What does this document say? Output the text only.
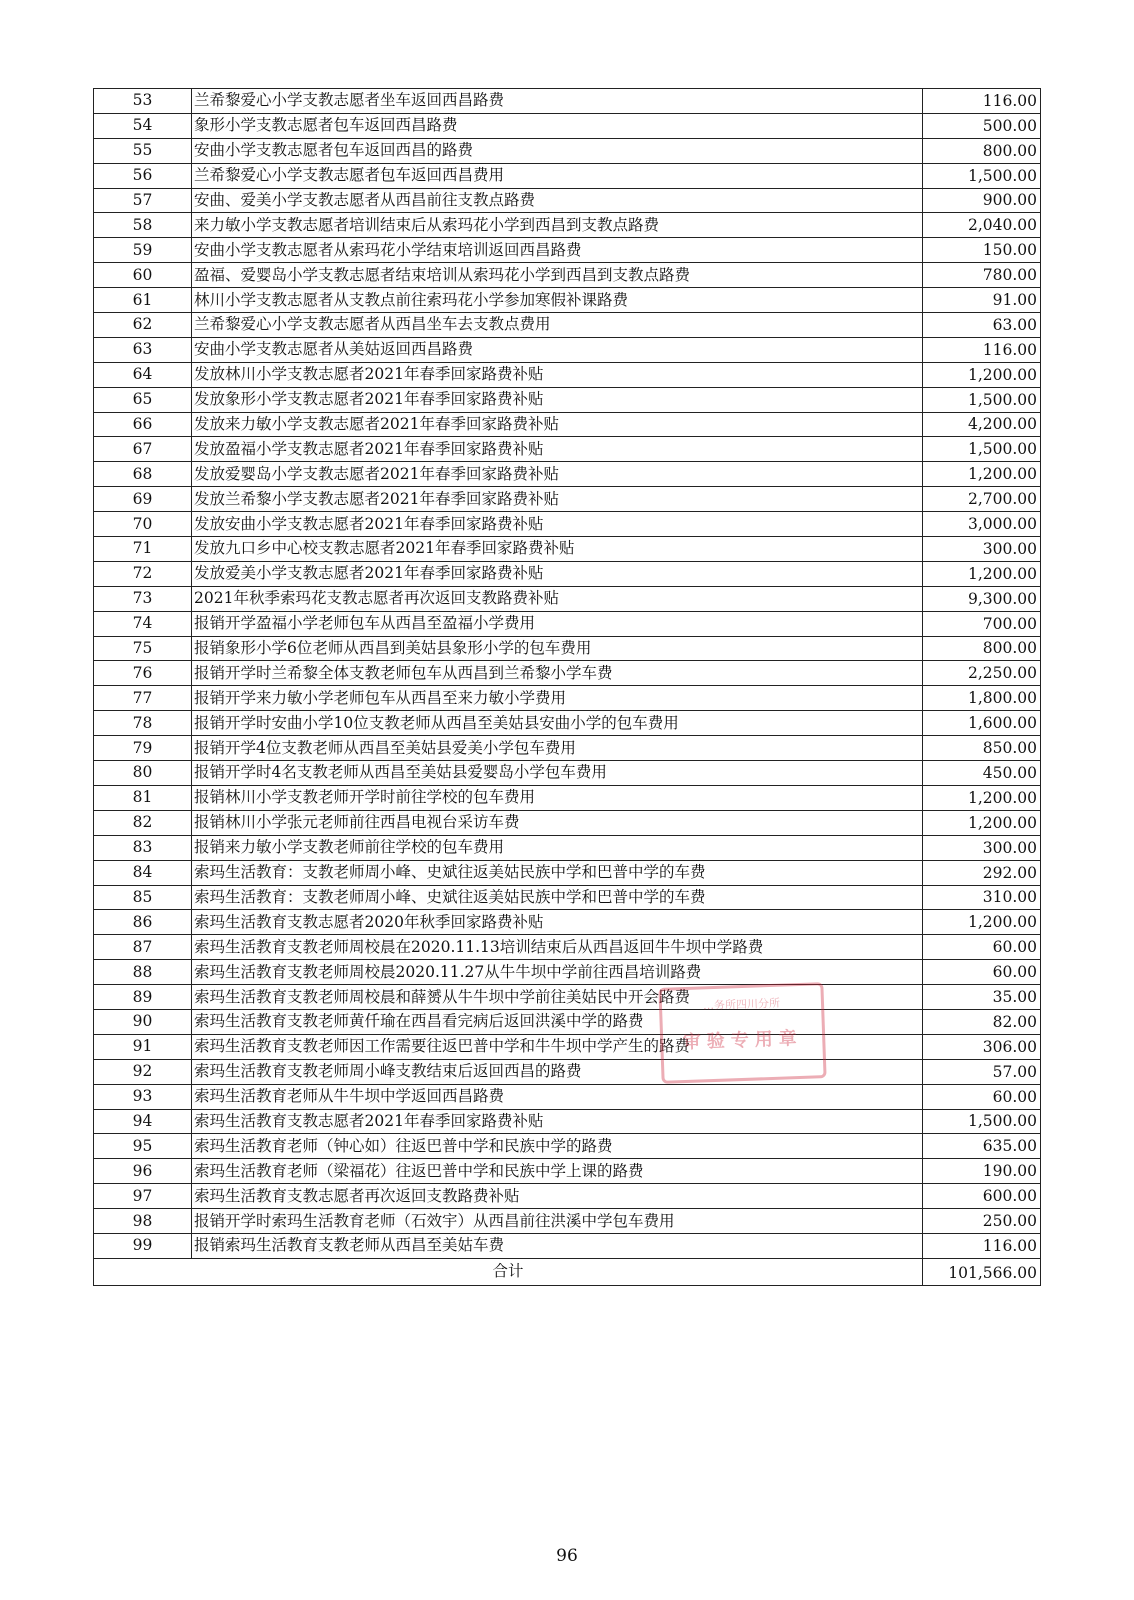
53	兰希黎爱心小学支教志愿者坐车返回西昌路费	116.00
54	象形小学支教志愿者包车返回西昌路费	500.00
55	安曲小学支教志愿者包车返回西昌的路费	800.00
56	兰希黎爱心小学支教志愿者包车返回西昌费用	1,500.00
57	安曲、爱美小学支教志愿者从西昌前往支教点路费	900.00
58	来力敏小学支教志愿者培训结束后从索玛花小学到西昌到支教点路费	2,040.00
59	安曲小学支教志愿者从索玛花小学结束培训返回西昌路费	150.00
60	盈福、爱婴岛小学支教志愿者结束培训从索玛花小学到西昌到支教点路费	780.00
61	林川小学支教志愿者从支教点前往索玛花小学参加寒假补课路费	91.00
62	兰希黎爱心小学支教志愿者从西昌坐车去支教点费用	63.00
63	安曲小学支教志愿者从美姑返回西昌路费	116.00
64	发放林川小学支教志愿者2021年春季回家路费补贴	1,200.00
65	发放象形小学支教志愿者2021年春季回家路费补贴	1,500.00
66	发放来力敏小学支教志愿者2021年春季回家路费补贴	4,200.00
67	发放盈福小学支教志愿者2021年春季回家路费补贴	1,500.00
68	发放爱婴岛小学支教志愿者2021年春季回家路费补贴	1,200.00
69	发放兰希黎小学支教志愿者2021年春季回家路费补贴	2,700.00
70	发放安曲小学支教志愿者2021年春季回家路费补贴	3,000.00
71	发放九口乡中心校支教志愿者2021年春季回家路费补贴	300.00
72	发放爱美小学支教志愿者2021年春季回家路费补贴	1,200.00
73	2021年秋季索玛花支教志愿者再次返回支教路费补贴	9,300.00
74	报销开学盈福小学老师包车从西昌至盈福小学费用	700.00
75	报销象形小学6位老师从西昌到美姑县象形小学的包车费用	800.00
76	报销开学时兰希黎全体支教老师包车从西昌到兰希黎小学车费	2,250.00
77	报销开学来力敏小学老师包车从西昌至来力敏小学费用	1,800.00
78	报销开学时安曲小学10位支教老师从西昌至美姑县安曲小学的包车费用	1,600.00
79	报销开学4位支教老师从西昌至美姑县爱美小学包车费用	850.00
80	报销开学时4名支教老师从西昌至美姑县爱婴岛小学包车费用	450.00
81	报销林川小学支教老师开学时前往学校的包车费用	1,200.00
82	报销林川小学张元老师前往西昌电视台采访车费	1,200.00
83	报销来力敏小学支教老师前往学校的包车费用	300.00
84	索玛生活教育：支教老师周小峰、史斌往返美姑民族中学和巴普中学的车费	292.00
85	索玛生活教育：支教老师周小峰、史斌往返美姑民族中学和巴普中学的车费	310.00
86	索玛生活教育支教志愿者2020年秋季回家路费补贴	1,200.00
87	索玛生活教育支教老师周校晨在2020.11.13培训结束后从西昌返回牛牛坝中学路费	60.00
88	索玛生活教育支教老师周校晨2020.11.27从牛牛坝中学前往西昌培训路费	60.00
89	索玛生活教育支教老师周校晨和薛赟从牛牛坝中学前往美姑民中开会路费	35.00
90	索玛生活教育支教老师黄仟瑜在西昌看完病后返回洪溪中学的路费	82.00
91	索玛生活教育支教老师因工作需要往返巴普中学和牛牛坝中学产生的路费	306.00
92	索玛生活教育支教老师周小峰支教结束后返回西昌的路费	57.00
93	索玛生活教育老师从牛牛坝中学返回西昌路费	60.00
94	索玛生活教育支教志愿者2021年春季回家路费补贴	1,500.00
95	索玛生活教育老师（钟心如）往返巴普中学和民族中学的路费	635.00
96	索玛生活教育老师（梁福花）往返巴普中学和民族中学上课的路费	190.00
97	索玛生活教育支教志愿者再次返回支教路费补贴	600.00
98	报销开学时索玛生活教育老师（石效宇）从西昌前往洪溪中学包车费用	250.00
99	报销索玛生活教育支教老师从西昌至美姑车费	116.00
合计		101,566.00
…务所四川分所
审验专用章
96
